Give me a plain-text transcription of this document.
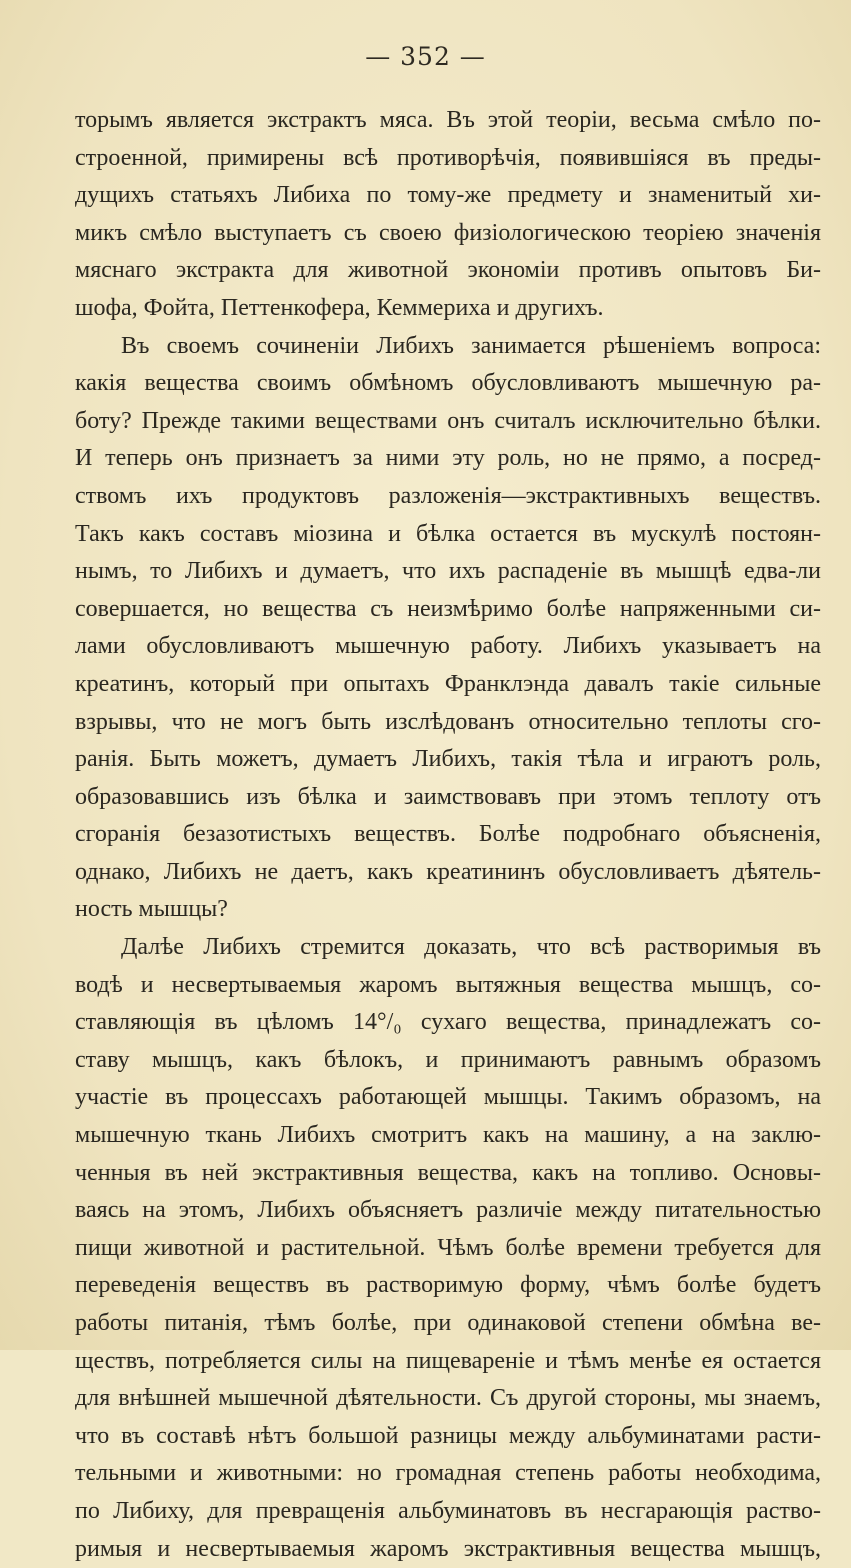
— 352 —
торымъ является экстрактъ мяса. Въ этой теоріи, весьма смѣло по-
строенной, примирены всѣ противорѣчія, появившіяся въ преды-
дущихъ статьяхъ Либиха по тому-же предмету и знаменитый хи-
микъ смѣло выступаетъ съ своею физіологическою теоріею значенія
мяснаго экстракта для животной экономіи противъ опытовъ Би-
шофа, Фойта, Петтенкофера, Кеммериха и другихъ.
Въ своемъ сочиненіи Либихъ занимается рѣшеніемъ вопроса:
какія вещества своимъ обмѣномъ обусловливаютъ мышечную ра-
боту? Прежде такими веществами онъ считалъ исключительно бѣлки.
И теперь онъ признаетъ за ними эту роль, но не прямо, а посред-
ствомъ ихъ продуктовъ разложенія—экстрактивныхъ веществъ.
Такъ какъ составъ міозина и бѣлка остается въ мускулѣ постоян-
нымъ, то Либихъ и думаетъ, что ихъ распаденіе въ мышцѣ едва-ли
совершается, но вещества съ неизмѣримо болѣе напряженными си-
лами обусловливаютъ мышечную работу. Либихъ указываетъ на
креатинъ, который при опытахъ Франклэнда давалъ такіе сильные
взрывы, что не могъ быть изслѣдованъ относительно теплоты сго-
ранія. Быть можетъ, думаетъ Либихъ, такія тѣла и играютъ роль,
образовавшись изъ бѣлка и заимствовавъ при этомъ теплоту отъ
сгоранія безазотистыхъ веществъ. Болѣе подробнаго объясненія,
однако, Либихъ не даетъ, какъ креатининъ обусловливаетъ дѣятель-
ность мышцы?
Далѣе Либихъ стремится доказать, что всѣ растворимыя въ
водѣ и несвертываемыя жаромъ вытяжныя вещества мышцъ, со-
ставляющія въ цѣломъ 14°/₀ сухаго вещества, принадлежатъ со-
ставу мышцъ, какъ бѣлокъ, и принимаютъ равнымъ образомъ
участіе въ процессахъ работающей мышцы. Такимъ образомъ, на
мышечную ткань Либихъ смотритъ какъ на машину, а на заклю-
ченныя въ ней экстрактивныя вещества, какъ на топливо. Основы-
ваясь на этомъ, Либихъ объясняетъ различіе между питательностью
пищи животной и растительной. Чѣмъ болѣе времени требуется для
переведенія веществъ въ растворимую форму, чѣмъ болѣе будетъ
работы питанія, тѣмъ болѣе, при одинаковой степени обмѣна ве-
ществъ, потребляется силы на пищевареніе и тѣмъ менѣе ея остается
для внѣшней мышечной дѣятельности. Съ другой стороны, мы знаемъ,
что въ составѣ нѣтъ большой разницы между альбуминатами расти-
тельными и животными: но громадная степень работы необходима,
по Либиху, для превращенія альбуминатовъ въ несгарающія раство-
римыя и несвертываемыя жаромъ экстрактивныя вещества мышцъ,
